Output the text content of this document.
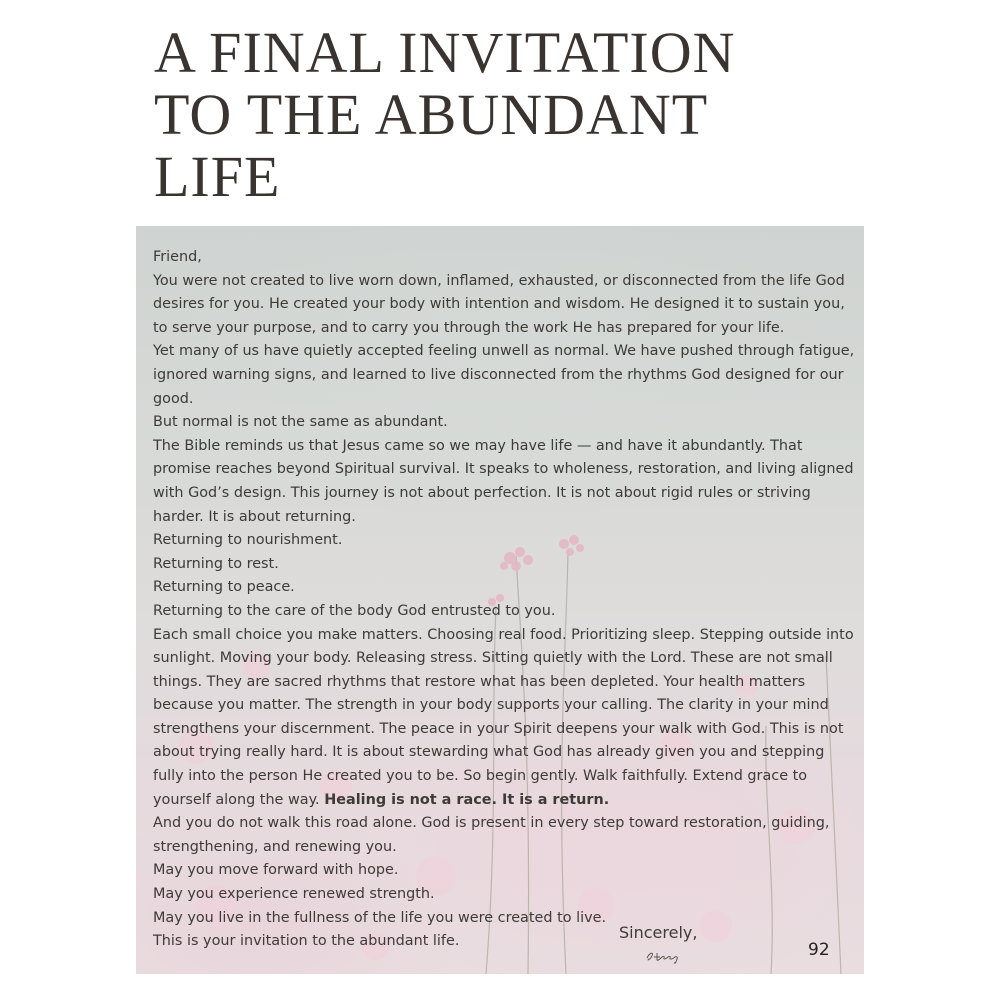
A FINAL INVITATION
TO THE ABUNDANT
LIFE
Friend,
You were not created to live worn down, inflamed, exhausted, or disconnected from the life God
desires for you. He created your body with intention and wisdom. He designed it to sustain you,
to serve your purpose, and to carry you through the work He has prepared for your life.
Yet many of us have quietly accepted feeling unwell as normal. We have pushed through fatigue,
ignored warning signs, and learned to live disconnected from the rhythms God designed for our
good.
But normal is not the same as abundant.
The Bible reminds us that Jesus came so we may have life — and have it abundantly. That
promise reaches beyond Spiritual survival. It speaks to wholeness, restoration, and living aligned
with God’s design. This journey is not about perfection. It is not about rigid rules or striving
harder. It is about returning.
Returning to nourishment.
Returning to rest.
Returning to peace.
Returning to the care of the body God entrusted to you.
Each small choice you make matters. Choosing real food. Prioritizing sleep. Stepping outside into
sunlight. Moving your body. Releasing stress. Sitting quietly with the Lord. These are not small
things. They are sacred rhythms that restore what has been depleted. Your health matters
because you matter. The strength in your body supports your calling. The clarity in your mind
strengthens your discernment. The peace in your Spirit deepens your walk with God. This is not
about trying really hard. It is about stewarding what God has already given you and stepping
fully into the person He created you to be. So begin gently. Walk faithfully. Extend grace to
yourself along the way. Healing is not a race. It is a return.
And you do not walk this road alone. God is present in every step toward restoration, guiding,
strengthening, and renewing you.
May you move forward with hope.
May you experience renewed strength.
May you live in the fullness of the life you were created to live.
This is your invitation to the abundant life.	Sincerely,
92
